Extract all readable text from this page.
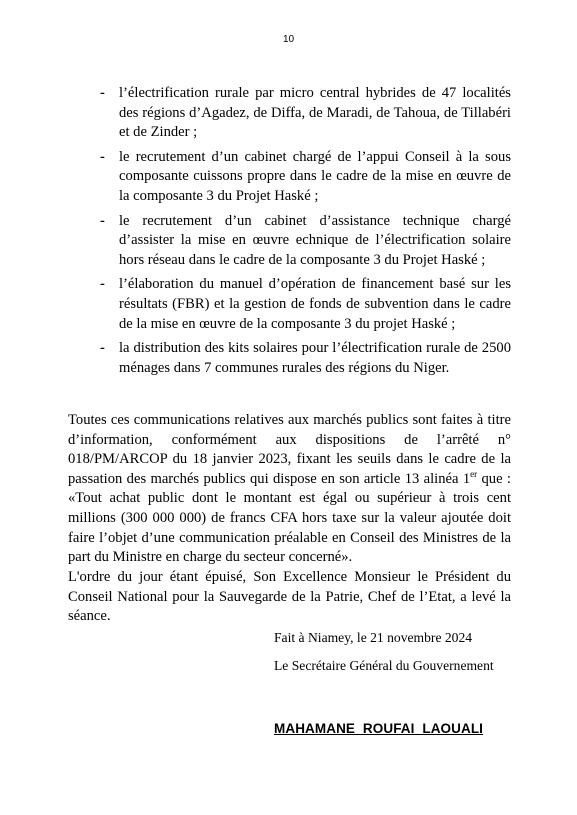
10
- l’électrification rurale par micro central hybrides de 47 localités des régions d’Agadez, de Diffa, de Maradi, de Tahoua, de Tillabéri et de Zinder ;
- le recrutement d’un cabinet chargé de l’appui Conseil à la sous composante cuissons propre dans le cadre de la mise en œuvre de la composante 3 du Projet Haské ;
- le recrutement d’un cabinet d’assistance technique chargé d’assister la mise en œuvre echnique de l’électrification solaire hors réseau dans le cadre de la composante 3 du Projet Haské ;
- l’élaboration du manuel d’opération de financement basé sur les résultats (FBR) et la gestion de fonds de subvention dans le cadre de la mise en œuvre de la composante 3 du projet Haské ;
- la distribution des kits solaires pour l’électrification rurale de 2500 ménages dans 7 communes rurales des régions du Niger.

Toutes ces communications relatives aux marchés publics sont faites à titre d’information, conformément aux dispositions de l’arrêté n° 018/PM/ARCOP du 18 janvier 2023, fixant les seuils dans le cadre de la passation des marchés publics qui dispose en son article 13 alinéa 1er que : «Tout achat public dont le montant est égal ou supérieur à trois cent millions (300 000 000) de francs CFA hors taxe sur la valeur ajoutée doit faire l’objet d’une communication préalable en Conseil des Ministres de la part du Ministre en charge du secteur concerné».

L'ordre du jour étant épuisé, Son Excellence Monsieur le Président du Conseil National pour la Sauvegarde de la Patrie, Chef de l’Etat, a levé la séance.

Fait à Niamey, le 21 novembre 2024
Le Secrétaire Général du Gouvernement
MAHAMANE ROUFAI LAOUALI
